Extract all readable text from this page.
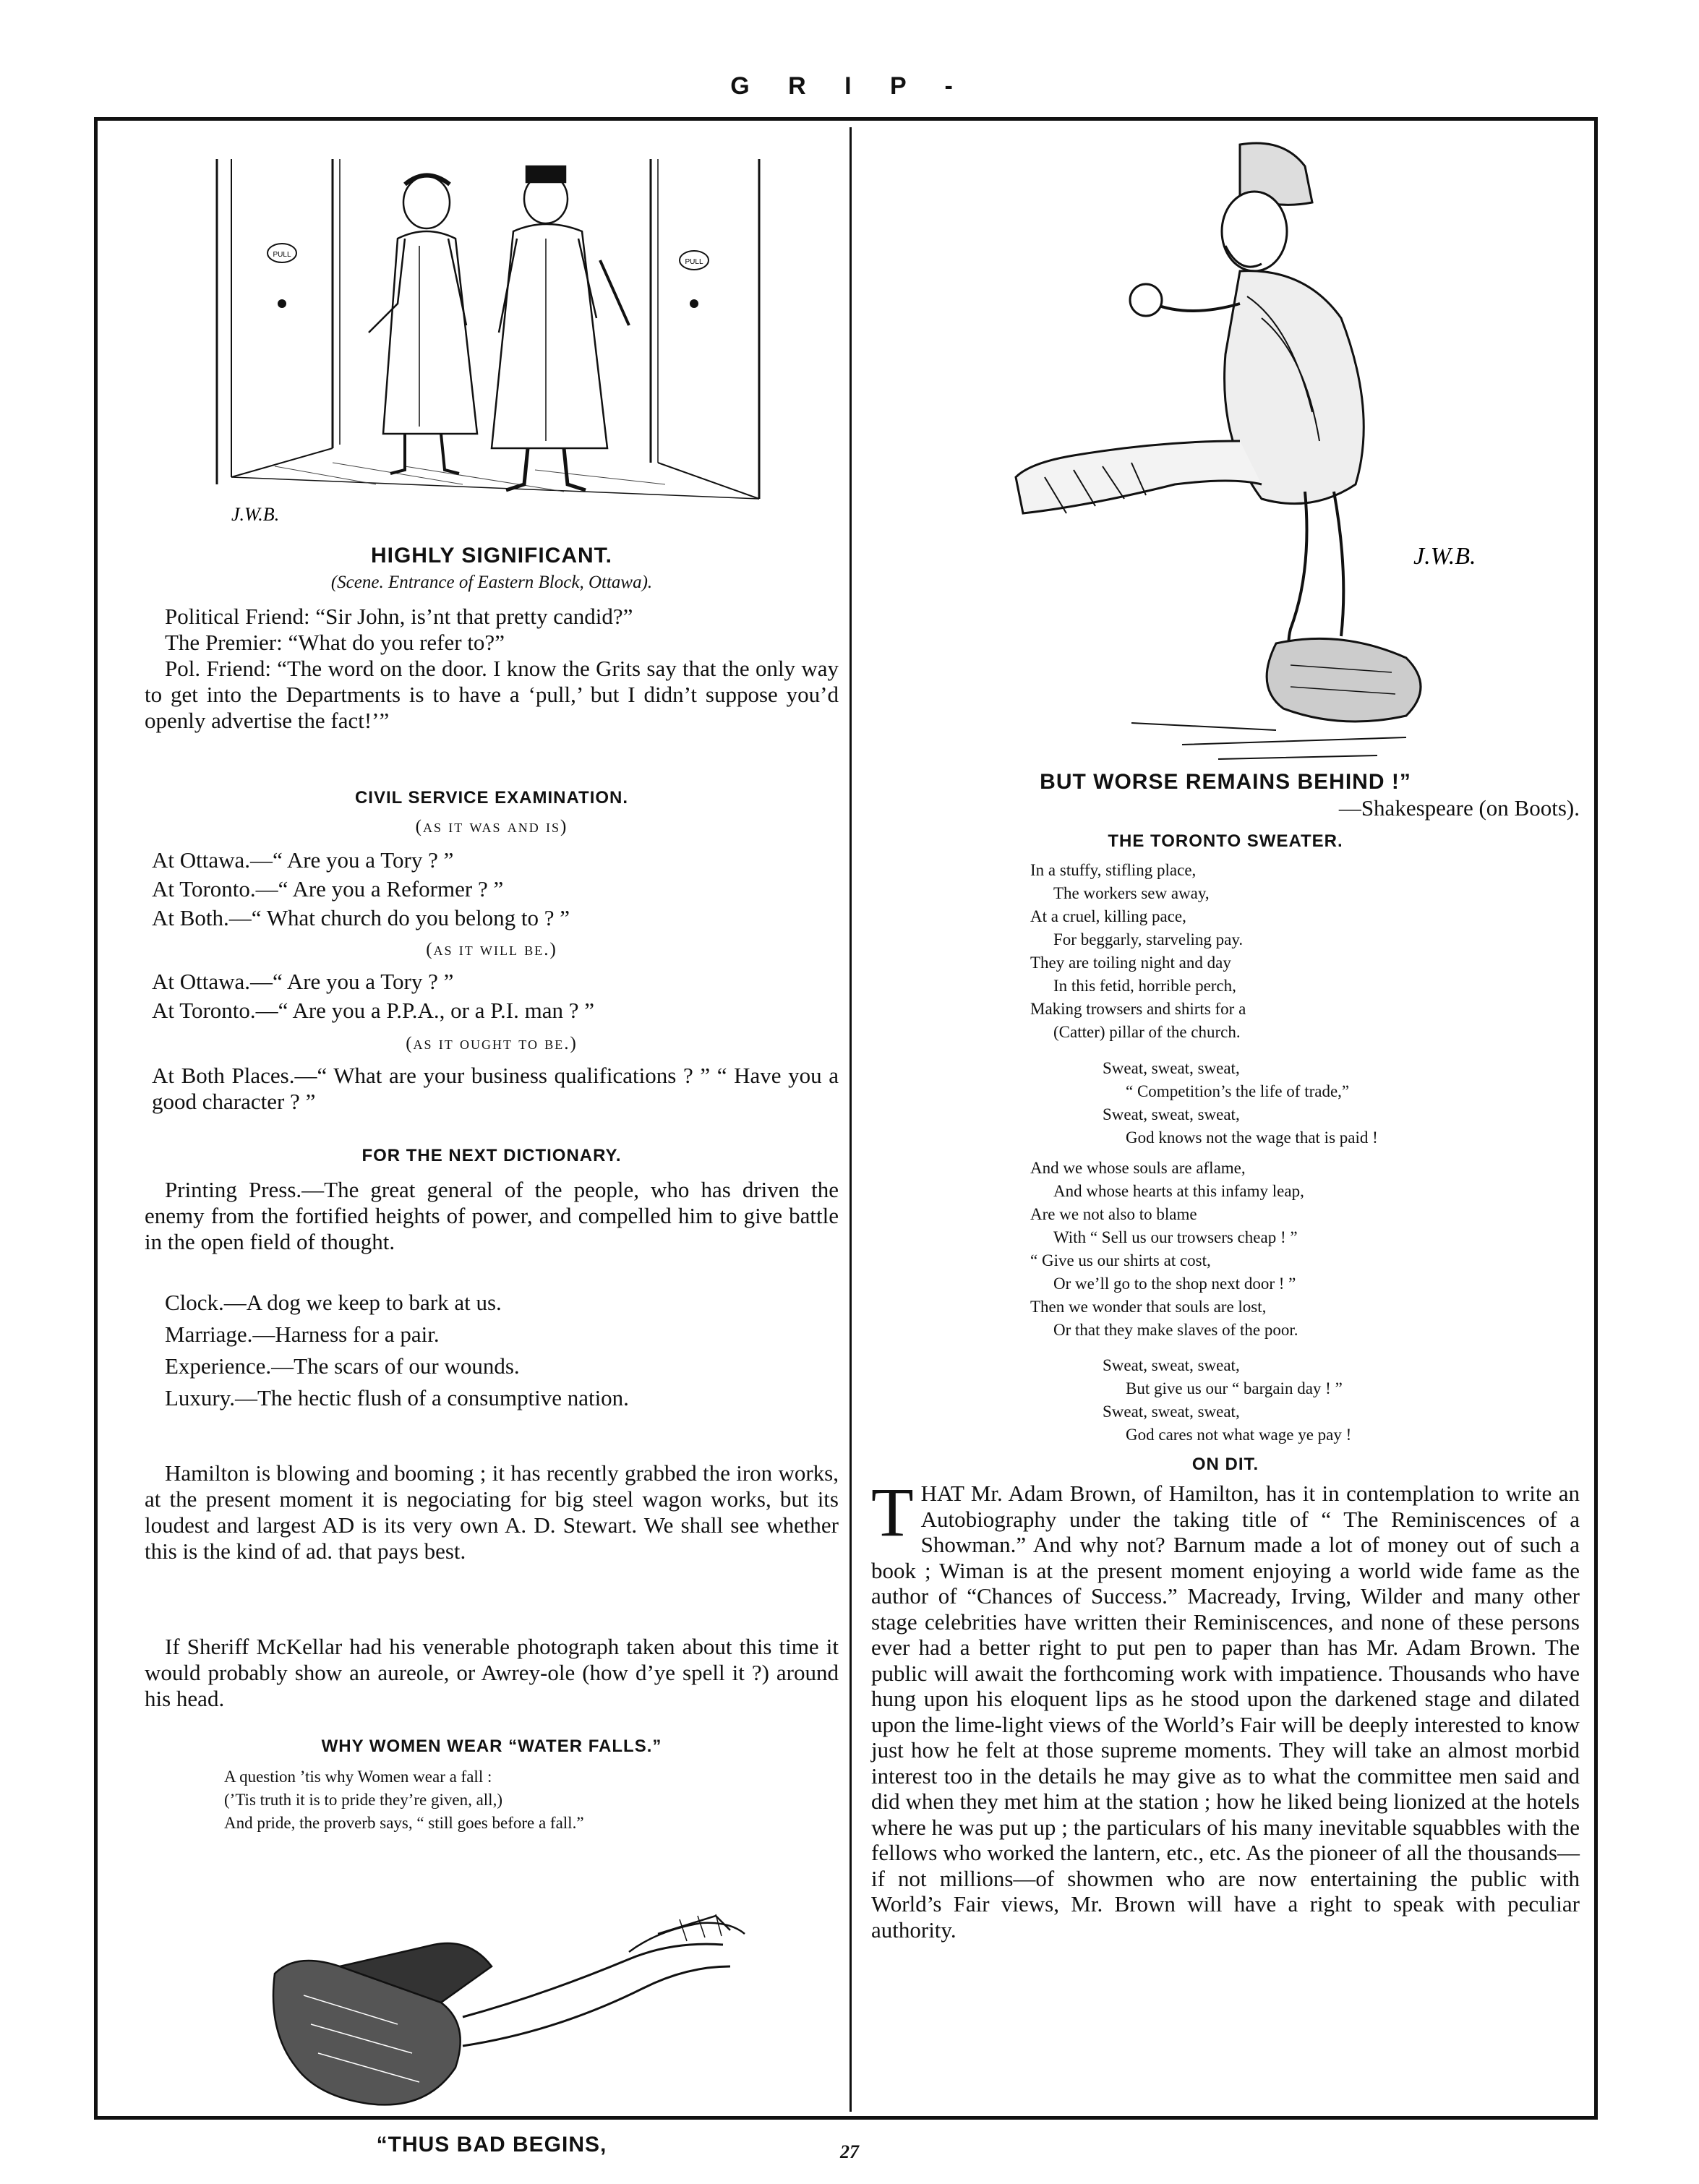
G R I P -
PULL
PULL
J.W.B.
HIGHLY SIGNIFICANT.
(Scene. Entrance of Eastern Block, Ottawa).
Political Friend: “Sir John, is’nt that pretty candid?”
The Premier: “What do you refer to?”
Pol. Friend: “The word on the door. I know the Grits say that the only way to get into the Departments is to have a ‘pull,’ but I didn’t suppose you’d openly advertise the fact!’”
CIVIL SERVICE EXAMINATION.
(as it was and is)
At Ottawa.—“ Are you a Tory ? ”
At Toronto.—“ Are you a Reformer ? ”
At Both.—“ What church do you belong to ? ”
(as it will be.)
At Ottawa.—“ Are you a Tory ? ”
At Toronto.—“ Are you a P.P.A., or a P.I. man ? ”
(as it ought to be.)
At Both Places.—“ What are your business qualifications ? ” “ Have you a good character ? ”
FOR THE NEXT DICTIONARY.
Printing Press.—The great general of the people, who has driven the enemy from the fortified heights of power, and compelled him to give battle in the open field of thought.
Clock.—A dog we keep to bark at us.
Marriage.—Harness for a pair.
Experience.—The scars of our wounds.
Luxury.—The hectic flush of a consumptive nation.
Hamilton is blowing and booming ; it has recently grabbed the iron works, at the present moment it is negociating for big steel wagon works, but its loudest and largest AD is its very own A. D. Stewart. We shall see whether this is the kind of ad. that pays best.
If Sheriff McKellar had his venerable photograph taken about this time it would probably show an aureole, or Awrey-ole (how d’ye spell it ?) around his head.
WHY WOMEN WEAR “WATER FALLS.”
A question ’tis why Women wear a fall :
(’Tis truth it is to pride they’re given, all,)
And pride, the proverb says, “ still goes before a fall.”
“THUS BAD BEGINS,
J.W.B.
BUT WORSE REMAINS BEHIND !”
—Shakespeare (on Boots).
THE TORONTO SWEATER.
In a stuffy, stifling place,
The workers sew away,
At a cruel, killing pace,
For beggarly, starveling pay.
They are toiling night and day
In this fetid, horrible perch,
Making trowsers and shirts for a
(Catter) pillar of the church.
Sweat, sweat, sweat,
“ Competition’s the life of trade,”
Sweat, sweat, sweat,
God knows not the wage that is paid !
And we whose souls are aflame,
And whose hearts at this infamy leap,
Are we not also to blame
With “ Sell us our trowsers cheap ! ”
“ Give us our shirts at cost,
Or we’ll go to the shop next door ! ”
Then we wonder that souls are lost,
Or that they make slaves of the poor.
Sweat, sweat, sweat,
But give us our “ bargain day ! ”
Sweat, sweat, sweat,
God cares not what wage ye pay !
ON DIT.
THAT Mr. Adam Brown, of Hamilton, has it in contemplation to write an Autobiography under the taking title of “ The Reminiscences of a Showman.” And why not? Barnum made a lot of money out of such a book ; Wiman is at the present moment enjoying a world wide fame as the author of “Chances of Success.” Macready, Irving, Wilder and many other stage celebrities have written their Reminiscences, and none of these persons ever had a better right to put pen to paper than has Mr. Adam Brown. The public will await the forthcoming work with impatience. Thousands who have hung upon his eloquent lips as he stood upon the darkened stage and dilated upon the lime-light views of the World’s Fair will be deeply interested to know just how he felt at those supreme moments. They will take an almost morbid interest too in the details he may give as to what the committee men said and did when they met him at the station ; how he liked being lionized at the hotels where he was put up ; the particulars of his many inevitable squabbles with the fellows who worked the lantern, etc., etc. As the pioneer of all the thousands—if not millions—of showmen who are now entertaining the public with World’s Fair views, Mr. Brown will have a right to speak with peculiar authority.
27
